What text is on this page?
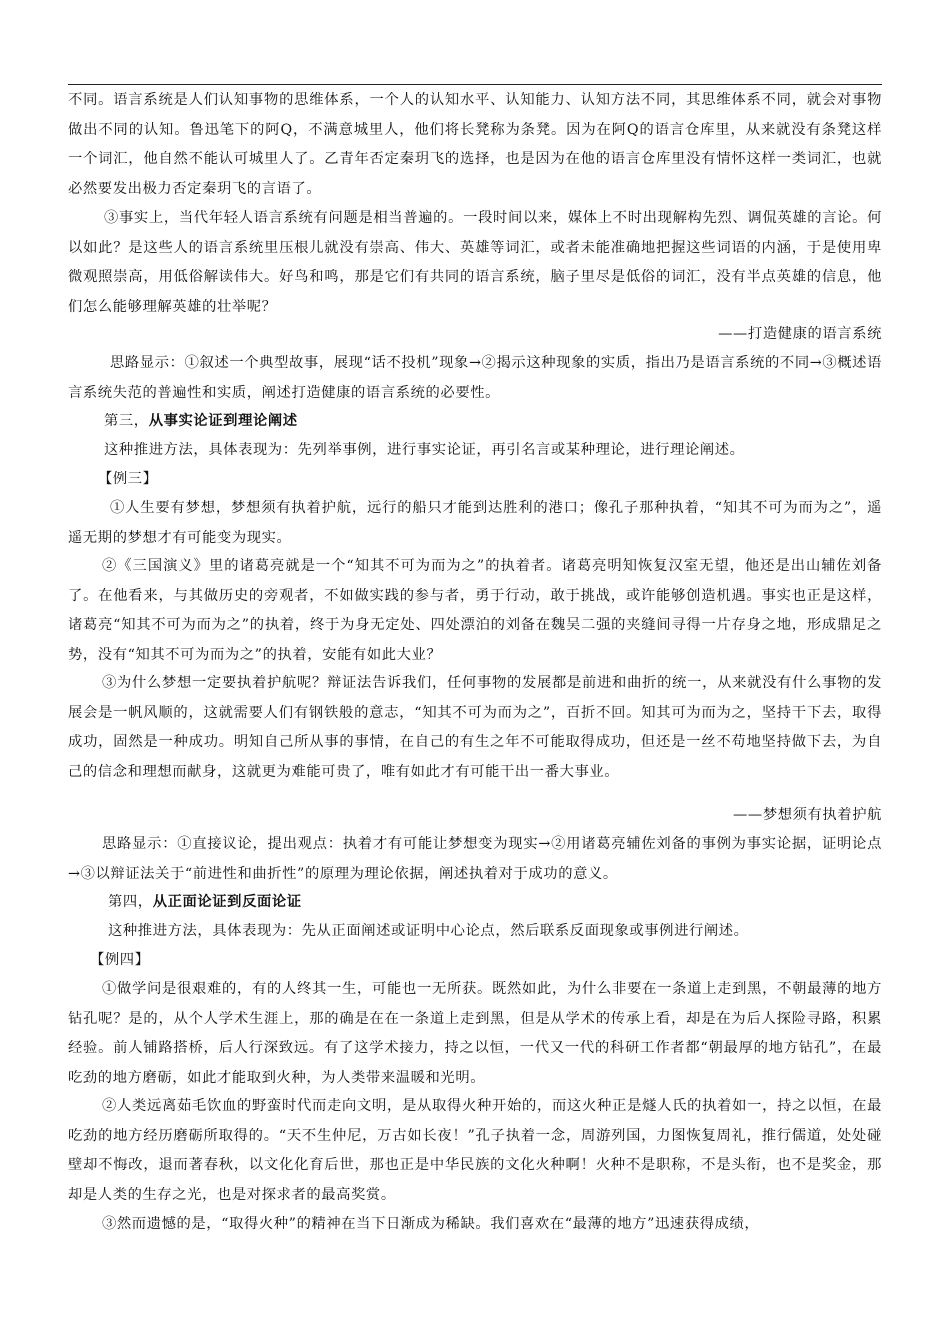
不同。语言系统是人们认知事物的思维体系，一个人的认知水平、认知能力、认知方法不同，其思维体系不同，就会对事物做出不同的认知。鲁迅笔下的阿Q，不满意城里人，他们将长凳称为条凳。因为在阿Q的语言仓库里，从来就没有条凳这样一个词汇，他自然不能认可城里人了。乙青年否定秦玥飞的选择，也是因为在他的语言仓库里没有情怀这样一类词汇，也就必然要发出极力否定秦玥飞的言语了。

③事实上，当代年轻人语言系统有问题是相当普遍的。一段时间以来，媒体上不时出现解构先烈、调侃英雄的言论。何以如此？是这些人的语言系统里压根儿就没有崇高、伟大、英雄等词汇，或者未能准确地把握这些词语的内涵，于是使用卑微观照崇高，用低俗解读伟大。好鸟和鸣，那是它们有共同的语言系统，脑子里尽是低俗的词汇，没有半点英雄的信息，他们怎么能够理解英雄的壮举呢？

——打造健康的语言系统

思路显示：①叙述一个典型故事，展现“话不投机”现象→②揭示这种现象的实质，指出乃是语言系统的不同→③概述语言系统失范的普遍性和实质，阐述打造健康的语言系统的必要性。

第三，从事实论证到理论阐述

这种推进方法，具体表现为：先列举事例，进行事实论证，再引名言或某种理论，进行理论阐述。

【例三】

①人生要有梦想，梦想须有执着护航，远行的船只才能到达胜利的港口；像孔子那种执着，“知其不可为而为之”，遥遥无期的梦想才有可能变为现实。

②《三国演义》里的诸葛亮就是一个“知其不可为而为之”的执着者。诸葛亮明知恢复汉室无望，他还是出山辅佐刘备了。在他看来，与其做历史的旁观者，不如做实践的参与者，勇于行动，敢于挑战，或许能够创造机遇。事实也正是这样，诸葛亮“知其不可为而为之”的执着，终于为身无定处、四处漂泊的刘备在魏吴二强的夹缝间寻得一片存身之地，形成鼎足之势，没有“知其不可为而为之”的执着，安能有如此大业？

③为什么梦想一定要执着护航呢？辩证法告诉我们，任何事物的发展都是前进和曲折的统一，从来就没有什么事物的发展会是一帆风顺的，这就需要人们有钢铁般的意志，“知其不可为而为之”，百折不回。知其可为而为之，坚持干下去，取得成功，固然是一种成功。明知自己所从事的事情，在自己的有生之年不可能取得成功，但还是一丝不苟地坚持做下去，为自己的信念和理想而献身，这就更为难能可贵了，唯有如此才有可能干出一番大事业。

——梦想须有执着护航

思路显示：①直接议论，提出观点：执着才有可能让梦想变为现实→②用诸葛亮辅佐刘备的事例为事实论据，证明论点→③以辩证法关于“前进性和曲折性”的原理为理论依据，阐述执着对于成功的意义。

第四，从正面论证到反面论证

这种推进方法，具体表现为：先从正面阐述或证明中心论点，然后联系反面现象或事例进行阐述。

【例四】

①做学问是很艰难的，有的人终其一生，可能也一无所获。既然如此，为什么非要在一条道上走到黑，不朝最薄的地方钻孔呢？是的，从个人学术生涯上，那的确是在在一条道上走到黑，但是从学术的传承上看，却是在为后人探险寻路，积累经验。前人铺路搭桥，后人行深致远。有了这学术接力，持之以恒，一代又一代的科研工作者都“朝最厚的地方钻孔”，在最吃劲的地方磨砺，如此才能取到火种，为人类带来温暖和光明。

②人类远离茹毛饮血的野蛮时代而走向文明，是从取得火种开始的，而这火种正是燧人氏的执着如一，持之以恒，在最吃劲的地方经历磨砺所取得的。“天不生仲尼，万古如长夜！”孔子执着一念，周游列国，力图恢复周礼，推行儒道，处处碰壁却不悔改，退而著春秋，以文化化育后世，那也正是中华民族的文化火种啊！火种不是职称，不是头衔，也不是奖金，那却是人类的生存之光，也是对探求者的最高奖赏。

③然而遗憾的是，“取得火种”的精神在当下日渐成为稀缺。我们喜欢在“最薄的地方”迅速获得成绩，
